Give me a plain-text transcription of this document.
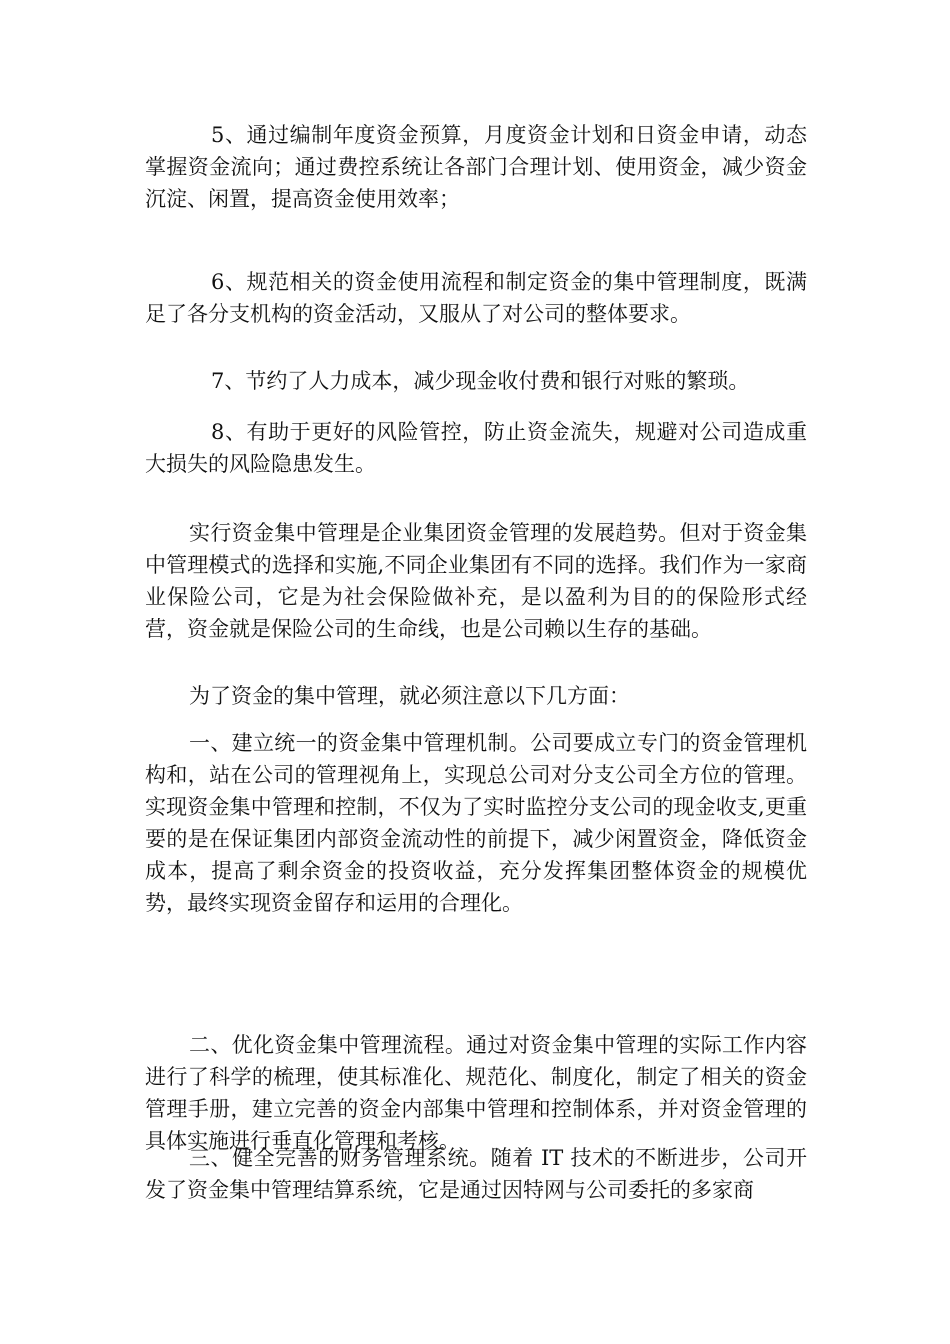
5、通过编制年度资金预算，月度资金计划和日资金申请，动态掌握资金流向；通过费控系统让各部门合理计划、使用资金，减少资金沉淀、闲置，提高资金使用效率；

6、规范相关的资金使用流程和制定资金的集中管理制度，既满足了各分支机构的资金活动，又服从了对公司的整体要求。

7、节约了人力成本，减少现金收付费和银行对账的繁琐。

8、有助于更好的风险管控，防止资金流失，规避对公司造成重大损失的风险隐患发生。

实行资金集中管理是企业集团资金管理的发展趋势。但对于资金集中管理模式的选择和实施,不同企业集团有不同的选择。我们作为一家商业保险公司，它是为社会保险做补充，是以盈利为目的的保险形式经营，资金就是保险公司的生命线，也是公司赖以生存的基础。

为了资金的集中管理，就必须注意以下几方面：

一、建立统一的资金集中管理机制。公司要成立专门的资金管理机构和，站在公司的管理视角上，实现总公司对分支公司全方位的管理。实现资金集中管理和控制，不仅为了实时监控分支公司的现金收支,更重要的是在保证集团内部资金流动性的前提下，减少闲置资金，降低资金成本，提高了剩余资金的投资收益，充分发挥集团整体资金的规模优势，最终实现资金留存和运用的合理化。

二、优化资金集中管理流程。通过对资金集中管理的实际工作内容进行了科学的梳理，使其标准化、规范化、制度化，制定了相关的资金管理手册，建立完善的资金内部集中管理和控制体系，并对资金管理的具体实施进行垂直化管理和考核。

三、健全完善的财务管理系统。随着 IT 技术的不断进步，公司开发了资金集中管理结算系统，它是通过因特网与公司委托的多家商
